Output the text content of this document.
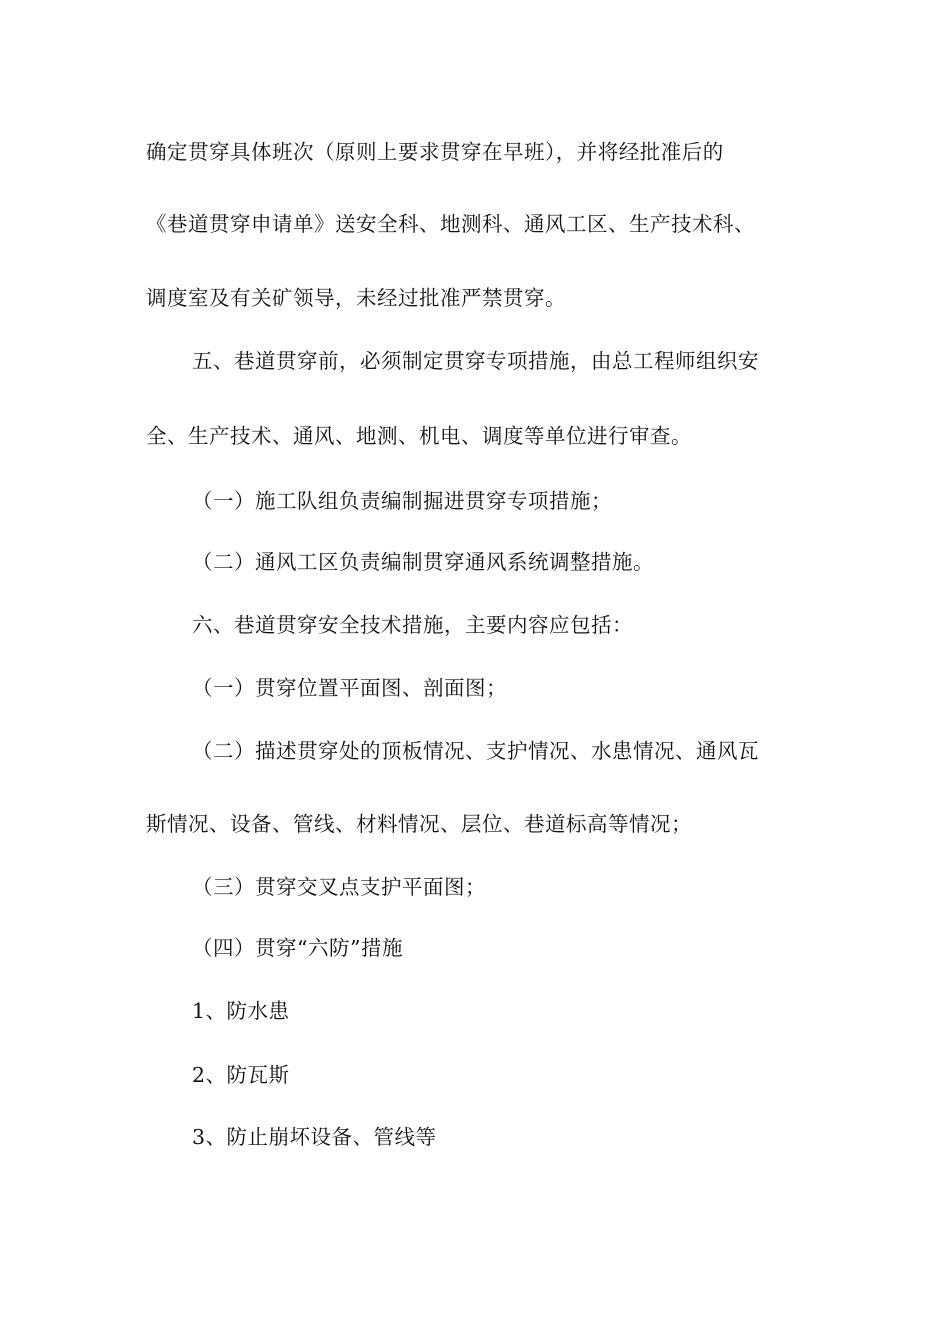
确定贯穿具体班次（原则上要求贯穿在早班），并将经批准后的
《巷道贯穿申请单》送安全科、地测科、通风工区、生产技术科、
调度室及有关矿领导，未经过批准严禁贯穿。
五、巷道贯穿前，必须制定贯穿专项措施，由总工程师组织安
全、生产技术、通风、地测、机电、调度等单位进行审查。
（一）施工队组负责编制掘进贯穿专项措施；
（二）通风工区负责编制贯穿通风系统调整措施。
六、巷道贯穿安全技术措施，主要内容应包括：
（一）贯穿位置平面图、剖面图；
（二）描述贯穿处的顶板情况、支护情况、水患情况、通风瓦
斯情况、设备、管线、材料情况、层位、巷道标高等情况；
（三）贯穿交叉点支护平面图；
（四）贯穿“六防”措施
1、防水患
2、防瓦斯
3、防止崩坏设备、管线等
